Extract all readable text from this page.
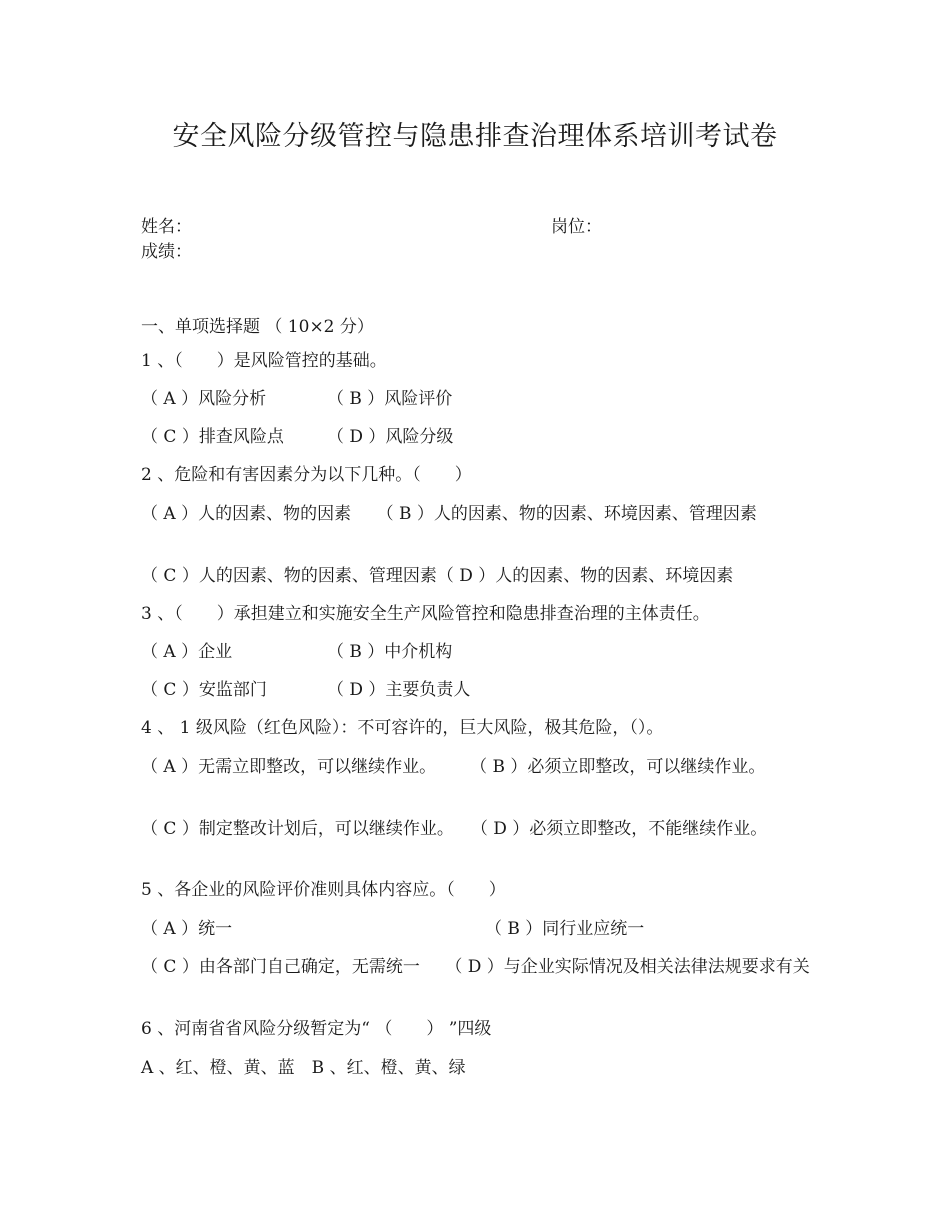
安全风险分级管控与隐患排查治理体系培训考试卷
姓名：	岗位：
成绩：
一、单项选择题 （ 10×2 分）
1 、（　　）是风险管控的基础。
（ A ）风险分析	（ B ）风险评价
（ C ）排查风险点	（ D ）风险分级
2 、危险和有害因素分为以下几种。（　　）
（ A ）人的因素、物的因素　　（ B ）人的因素、物的因素、环境因素、管理因素
（ C ）人的因素、物的因素、管理因素（ D ）人的因素、物的因素、环境因素
3 、（　　）承担建立和实施安全生产风险管控和隐患排查治理的主体责任。
（ A ）企业	（ B ）中介机构
（ C ）安监部门	（ D ）主要负责人
4 、 1 级风险（红色风险）：不可容许的，巨大风险，极其危险，（）。
（ A ）无需立即整改，可以继续作业。　　　（ B ）必须立即整改，可以继续作业。
（ C ）制定整改计划后，可以继续作业。　　（ D ）必须立即整改，不能继续作业。
5 、各企业的风险评价准则具体内容应。（　　）
（ A ）统一	（ B ）同行业应统一
（ C ）由各部门自己确定，无需统一　　（ D ）与企业实际情况及相关法律法规要求有关
6 、河南省省风险分级暂定为“ （　　） ”四级
A 、红、橙、黄、蓝　B 、红、橙、黄、绿
